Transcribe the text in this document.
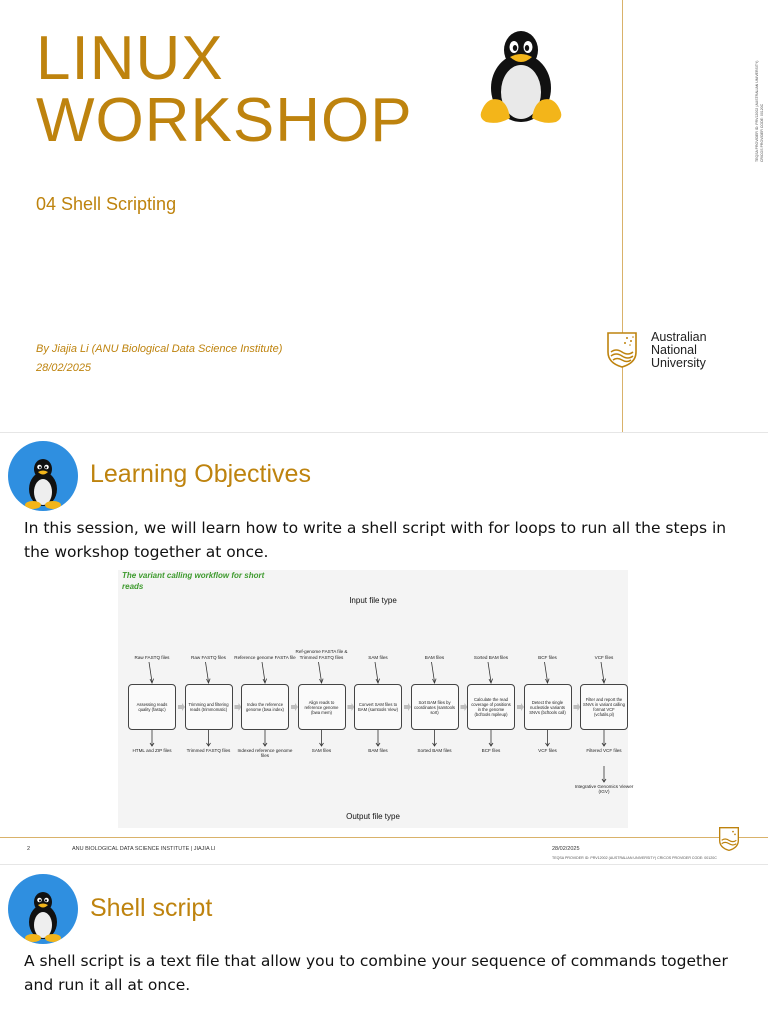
LINUX
WORKSHOP
04 Shell Scripting
By Jiajia Li (ANU Biological Data Science Institute)
28/02/2025
TEQSA PROVIDER ID: PRV12002 (AUSTRALIAN UNIVERSITY) CRICOS PROVIDER CODE: 00120C
Australian
National
University
Learning Objectives
In this session, we will learn how to write a shell script with for loops to run all the steps in the workshop together at once.
The variant calling workflow for short reads
Input file type
Output file type
Raw FASTQ files
Assessing reads quality (fastqc)
HTML and ZIP files
Raw FASTQ files
Trimming and filtering reads (trimmomatic)
Trimmed FASTQ files
Reference genome FASTA file
Index the reference genome (bwa index)
Indexed reference genome files
Ref-genome FASTA file & Trimmed FASTQ files
Align reads to reference genome (bwa mem)
SAM files
SAM files
Convert SAM files to BAM (samtools View)
BAM files
BAM files
Sort BAM files by coordinates (samtools sort)
Sorted BAM files
Sorted BAM files
Calculate the read coverage of positions in the genome (bcftools mpileup)
BCF files
BCF files
Detect the single nucleotide variants SNVs (bcftools call)
VCF files
VCF files
Filter and report the SNVs in variant calling format VCF (vcfutils.pl)
Filtered VCF files
Integrative Genomics Viewer (IGV)
2	ANU BIOLOGICAL DATA SCIENCE INSTITUTE | JIAJIA LI	28/02/2025
TEQSA PROVIDER ID: PRV12002 (AUSTRALIAN UNIVERSITY) CRICOS PROVIDER CODE: 00120C
Shell script
A shell script is a text file that allow you to combine your sequence of commands together and run it all at once.
